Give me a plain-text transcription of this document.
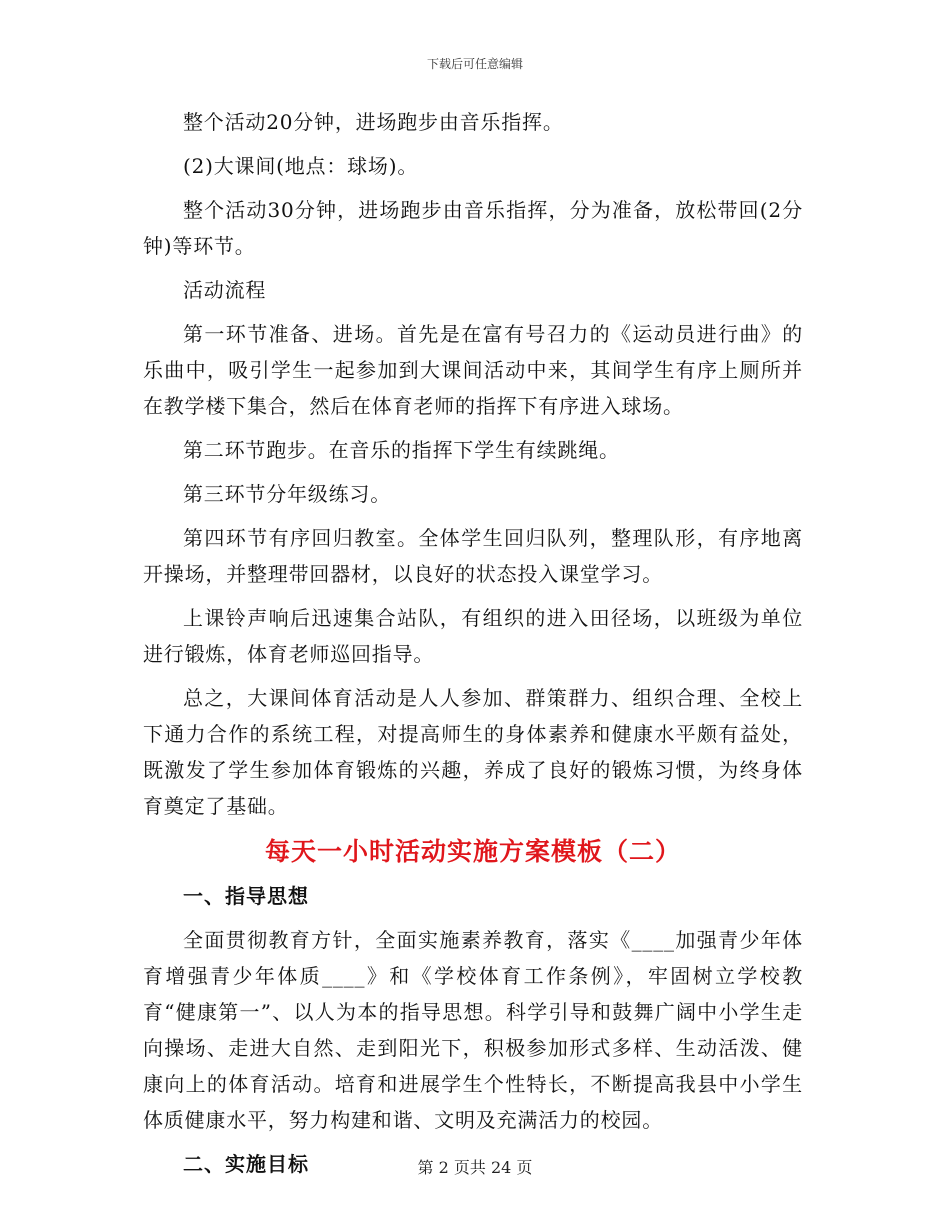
下载后可任意编辑

整个活动20分钟，进场跑步由音乐指挥。

(2)大课间(地点：球场)。

整个活动30分钟，进场跑步由音乐指挥，分为准备，放松带回(2分钟)等环节。

活动流程

第一环节准备、进场。首先是在富有号召力的《运动员进行曲》的乐曲中，吸引学生一起参加到大课间活动中来，其间学生有序上厕所并在教学楼下集合，然后在体育老师的指挥下有序进入球场。

第二环节跑步。在音乐的指挥下学生有续跳绳。

第三环节分年级练习。

第四环节有序回归教室。全体学生回归队列，整理队形，有序地离开操场，并整理带回器材，以良好的状态投入课堂学习。

上课铃声响后迅速集合站队，有组织的进入田径场，以班级为单位进行锻炼，体育老师巡回指导。

总之，大课间体育活动是人人参加、群策群力、组织合理、全校上下通力合作的系统工程，对提高师生的身体素养和健康水平颇有益处，既激发了学生参加体育锻炼的兴趣，养成了良好的锻炼习惯，为终身体育奠定了基础。

每天一小时活动实施方案模板（二）
一、指导思想

全面贯彻教育方针，全面实施素养教育，落实《____加强青少年体育增强青少年体质____》和《学校体育工作条例》，牢固树立学校教育“健康第一”、以人为本的指导思想。科学引导和鼓舞广阔中小学生走向操场、走进大自然、走到阳光下，积极参加形式多样、生动活泼、健康向上的体育活动。培育和进展学生个性特长，不断提高我县中小学生体质健康水平，努力构建和谐、文明及充满活力的校园。

二、实施目标	第 2 页共 24 页
